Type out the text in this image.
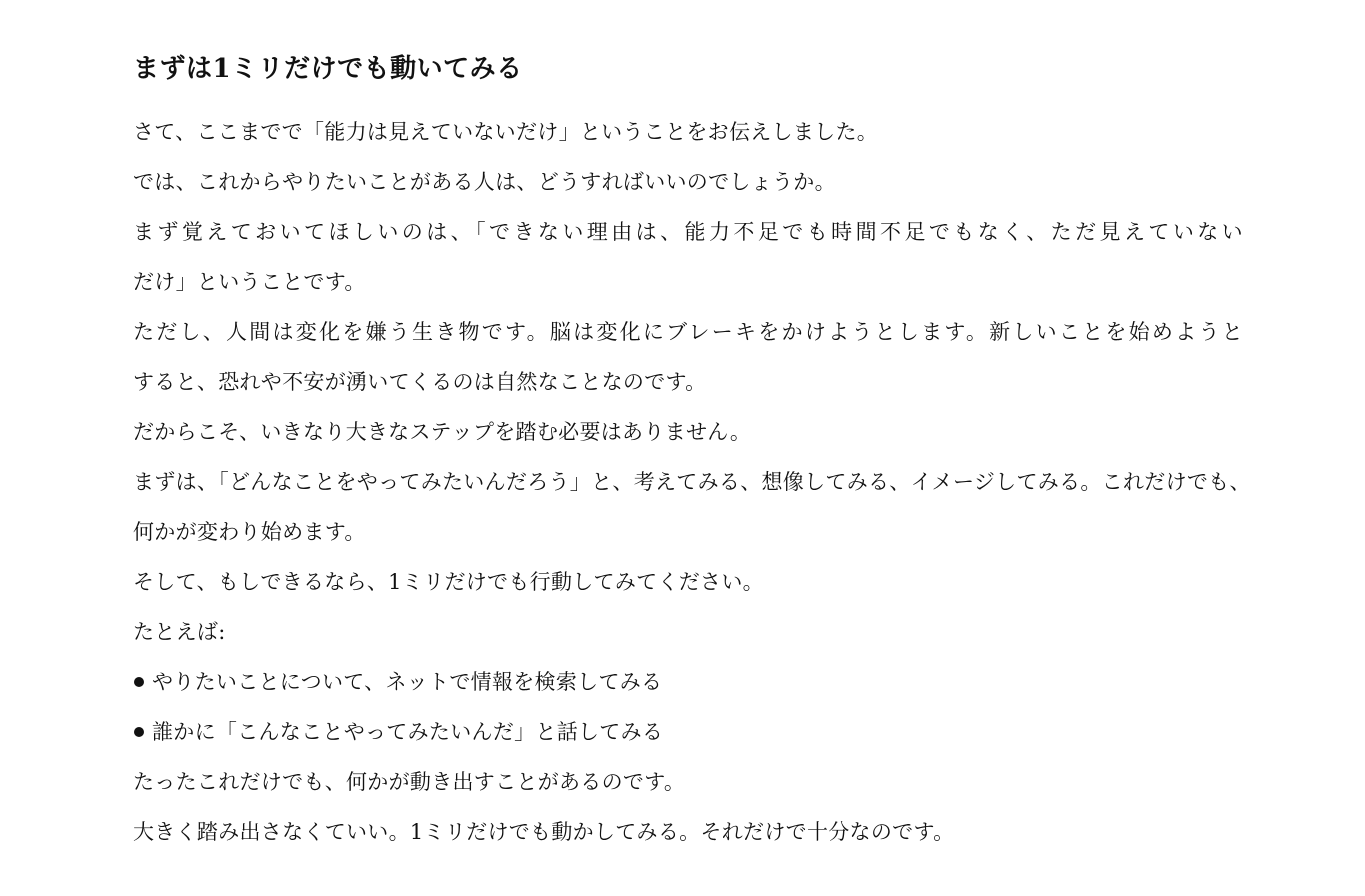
まずは1ミリだけでも動いてみる

さて、ここまでで「能力は見えていないだけ」ということをお伝えしました。

では、これからやりたいことがある人は、どうすればいいのでしょうか。

まず覚えておいてほしいのは、「できない理由は、能力不足でも時間不足でもなく、ただ見えていない

だけ」ということです。

ただし、人間は変化を嫌う生き物です。脳は変化にブレーキをかけようとします。新しいことを始めようと

すると、恐れや不安が湧いてくるのは自然なことなのです。

だからこそ、いきなり大きなステップを踏む必要はありません。

まずは、「どんなことをやってみたいんだろう」と、考えてみる、想像してみる、イメージしてみる。これだけでも、

何かが変わり始めます。

そして、もしできるなら、1ミリだけでも行動してみてください。

たとえば:

やりたいことについて、ネットで情報を検索してみる
誰かに「こんなことやってみたいんだ」と話してみる

たったこれだけでも、何かが動き出すことがあるのです。

大きく踏み出さなくていい。1ミリだけでも動かしてみる。それだけで十分なのです。
